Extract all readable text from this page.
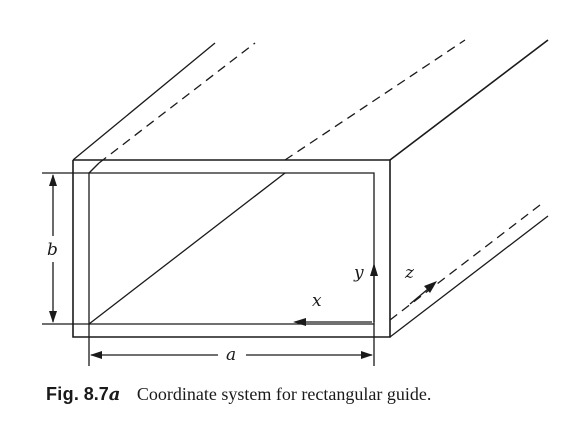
b
a
y
x
z
Fig. 8.7a Coordinate system for rectangular guide.
